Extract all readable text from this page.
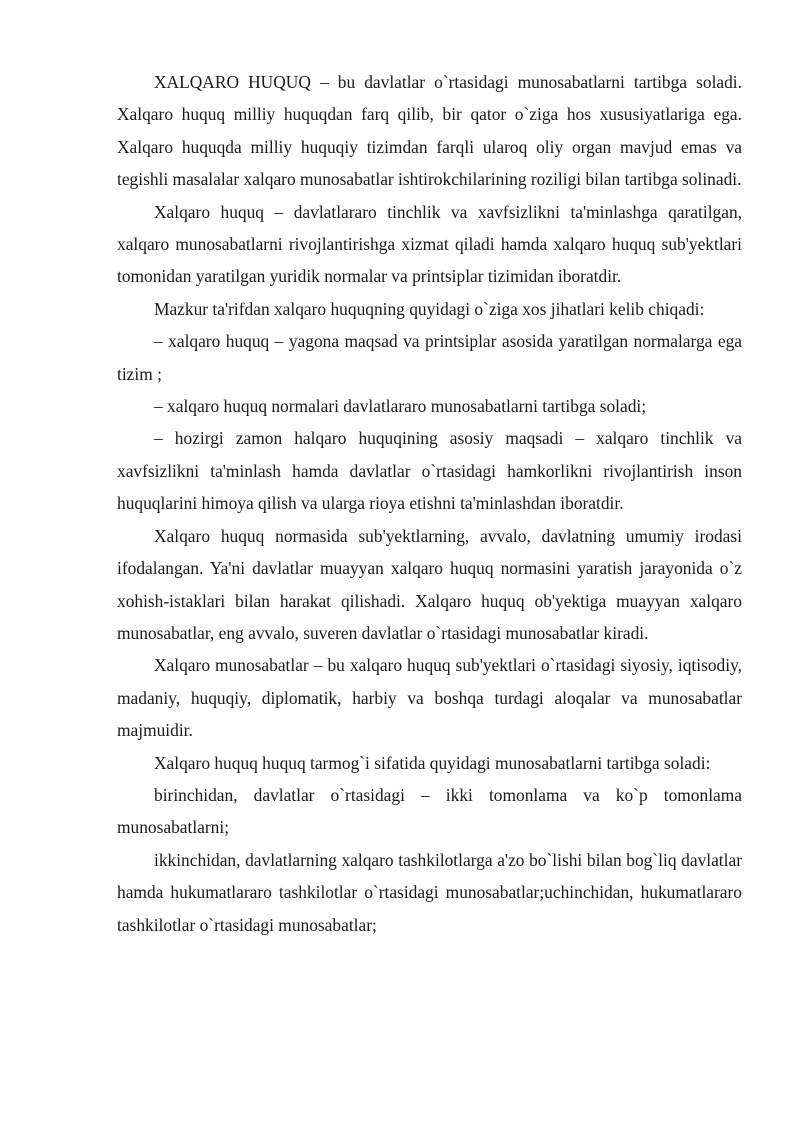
XALQARO HUQUQ – bu davlatlar o`rtasidagi munosabatlarni tartibga soladi. Xalqaro huquq milliy huquqdan farq qilib, bir qator o`ziga hos xususiyatlariga ega. Xalqaro huquqda milliy huquqiy tizimdan farqli ularoq oliy organ mavjud emas va tegishli masalalar xalqaro munosabatlar ishtirokchilarining roziligi bilan tartibga solinadi.

Xalqaro huquq – davlatlararo tinchlik va xavfsizlikni ta'minlashga qaratilgan, xalqaro munosabatlarni rivojlantirishga xizmat qiladi hamda xalqaro huquq sub'yektlari tomonidan yaratilgan yuridik normalar va printsiplar tizimidan iboratdir.

Mazkur ta'rifdan xalqaro huquqning quyidagi o`ziga xos jihatlari kelib chiqadi:

– xalqaro huquq – yagona maqsad va printsiplar asosida yaratilgan normalarga ega tizim ;

– xalqaro huquq normalari davlatlararo munosabatlarni tartibga soladi;

– hozirgi zamon halqaro huquqining asosiy maqsadi – xalqaro tinchlik va xavfsizlikni ta'minlash hamda davlatlar o`rtasidagi hamkorlikni rivojlantirish inson huquqlarini himoya qilish va ularga rioya etishni ta'minlashdan iboratdir.

Xalqaro huquq normasida sub'yektlarning, avvalo, davlatning umumiy irodasi ifodalangan. Ya'ni davlatlar muayyan xalqaro huquq normasini yaratish jarayonida o`z xohish-istaklari bilan harakat qilishadi. Xalqaro huquq ob'yektiga muayyan xalqaro munosabatlar, eng avvalo, suveren davlatlar o`rtasidagi munosabatlar kiradi.

Xalqaro munosabatlar – bu xalqaro huquq sub'yektlari o`rtasidagi siyosiy, iqtisodiy, madaniy, huquqiy, diplomatik, harbiy va boshqa turdagi aloqalar va munosabatlar majmuidir.

Xalqaro huquq huquq tarmog`i sifatida quyidagi munosabatlarni tartibga soladi:

birinchidan, davlatlar o`rtasidagi – ikki tomonlama va ko`p tomonlama munosabatlarni;

ikkinchidan, davlatlarning xalqaro tashkilotlarga a'zo bo`lishi bilan bog`liq davlatlar hamda hukumatlararo tashkilotlar o`rtasidagi munosabatlar;uchinchidan, hukumatlararo tashkilotlar o`rtasidagi munosabatlar;
